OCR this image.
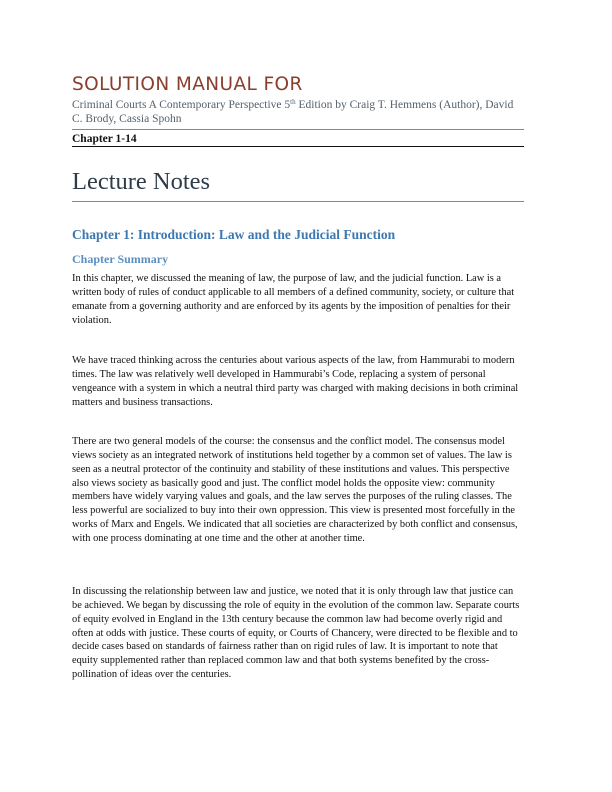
SOLUTION MANUAL FOR
Criminal Courts A Contemporary Perspective 5th Edition by Craig T. Hemmens (Author), David C. Brody, Cassia Spohn
Chapter 1-14
Lecture Notes
Chapter 1: Introduction: Law and the Judicial Function
Chapter Summary

In this chapter, we discussed the meaning of law, the purpose of law, and the judicial function. Law is a written body of rules of conduct applicable to all members of a defined community, society, or culture that emanate from a governing authority and are enforced by its agents by the imposition of penalties for their violation.

We have traced thinking across the centuries about various aspects of the law, from Hammurabi to modern times. The law was relatively well developed in Hammurabi’s Code, replacing a system of personal vengeance with a system in which a neutral third party was charged with making decisions in both criminal matters and business transactions.

There are two general models of the course: the consensus and the conflict model. The consensus model views society as an integrated network of institutions held together by a common set of values. The law is seen as a neutral protector of the continuity and stability of these institutions and values. This perspective also views society as basically good and just. The conflict model holds the opposite view: community members have widely varying values and goals, and the law serves the purposes of the ruling classes. The less powerful are socialized to buy into their own oppression. This view is presented most forcefully in the works of Marx and Engels. We indicated that all societies are characterized by both conflict and consensus, with one process dominating at one time and the other at another time.

In discussing the relationship between law and justice, we noted that it is only through law that justice can be achieved. We began by discussing the role of equity in the evolution of the common law. Separate courts of equity evolved in England in the 13th century because the common law had become overly rigid and often at odds with justice. These courts of equity, or Courts of Chancery, were directed to be flexible and to decide cases based on standards of fairness rather than on rigid rules of law. It is important to note that equity supplemented rather than replaced common law and that both systems benefited by the cross-pollination of ideas over the centuries.
